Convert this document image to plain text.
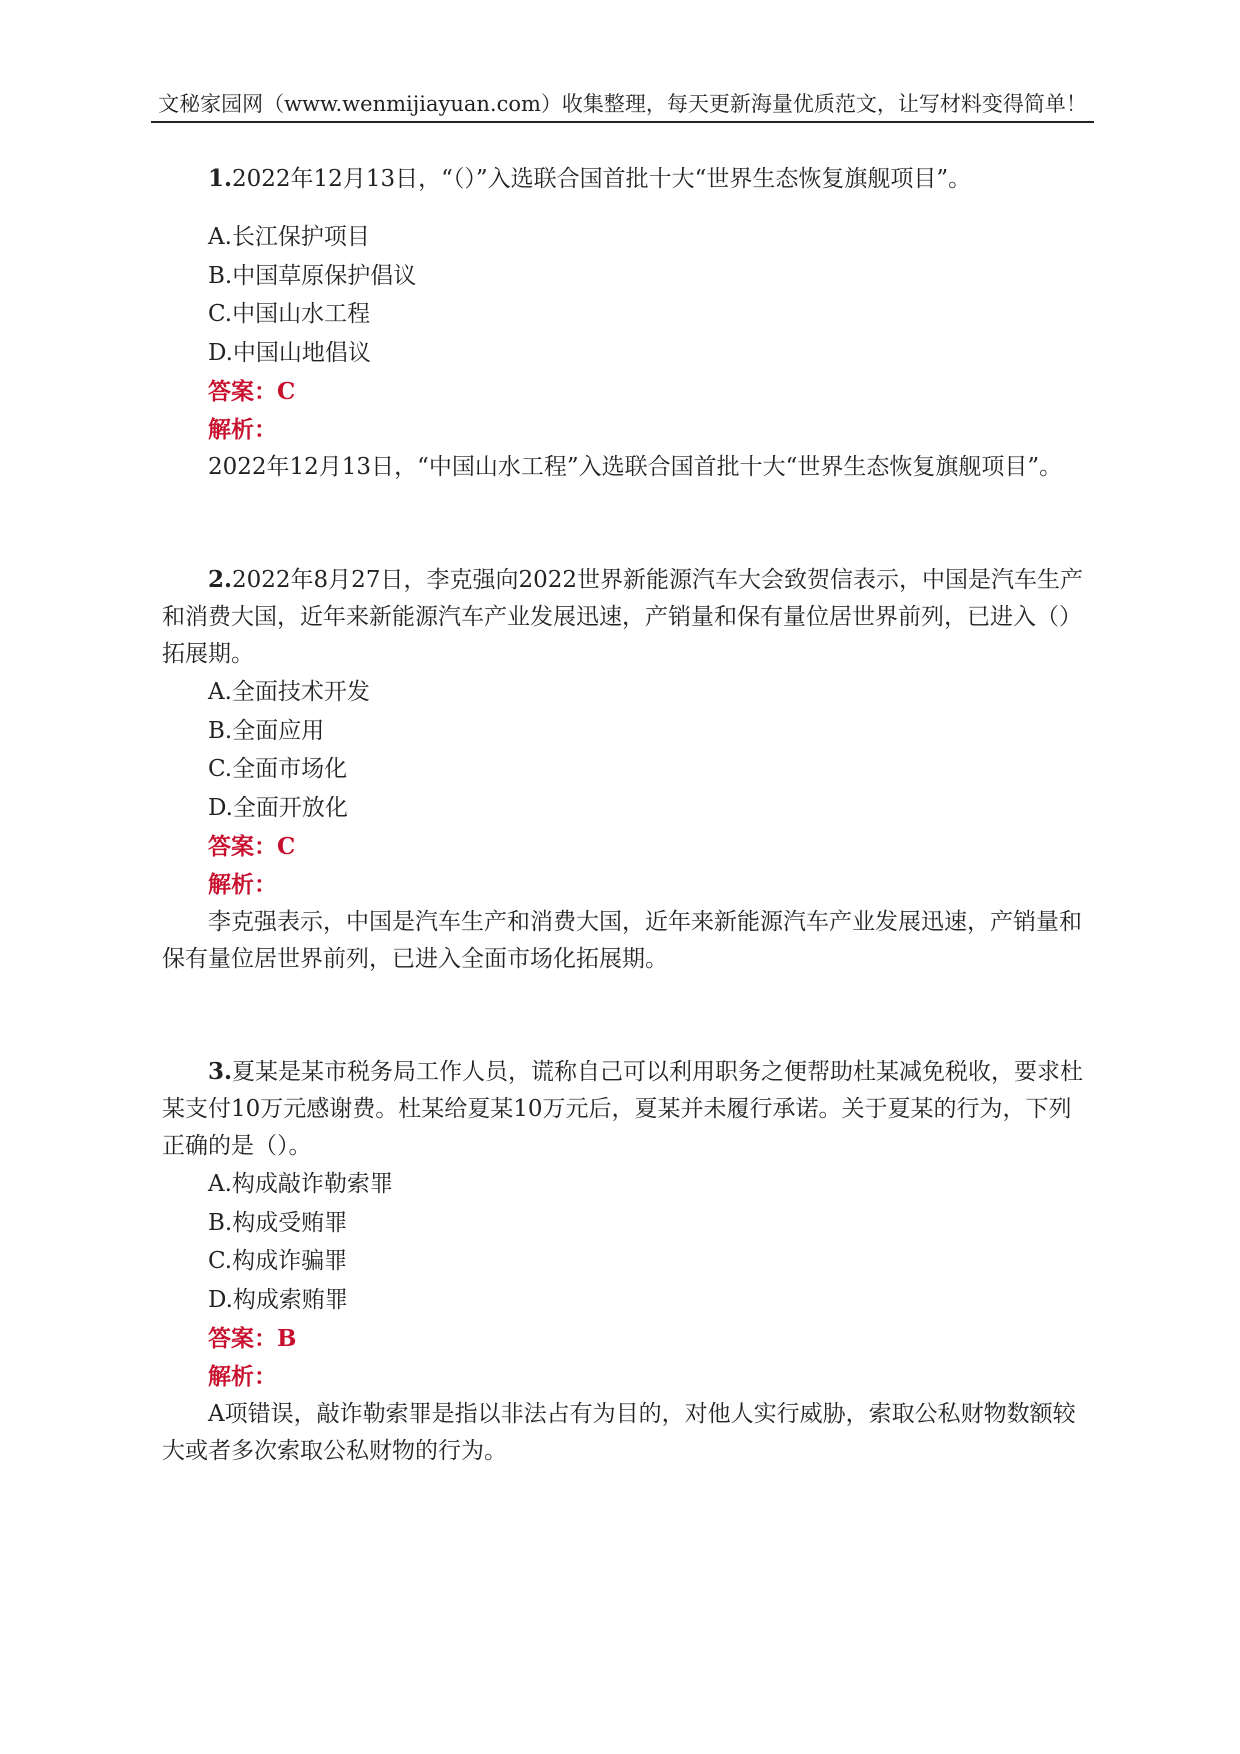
文秘家园网（www.wenmijiayuan.com）收集整理，每天更新海量优质范文，让写材料变得简单！

1.2022年12月13日，“（）”入选联合国首批十大“世界生态恢复旗舰项目”。

A.长江保护项目

B.中国草原保护倡议

C.中国山水工程

D.中国山地倡议

答案：C

解析：

2022年12月13日，“中国山水工程”入选联合国首批十大“世界生态恢复旗舰项目”。

2.2022年8月27日，李克强向2022世界新能源汽车大会致贺信表示，中国是汽车生产和消费大国，近年来新能源汽车产业发展迅速，产销量和保有量位居世界前列，已进入（）拓展期。

A.全面技术开发

B.全面应用

C.全面市场化

D.全面开放化

答案：C

解析：

李克强表示，中国是汽车生产和消费大国，近年来新能源汽车产业发展迅速，产销量和保有量位居世界前列，已进入全面市场化拓展期。

3.夏某是某市税务局工作人员，谎称自己可以利用职务之便帮助杜某减免税收，要求杜某支付10万元感谢费。杜某给夏某10万元后，夏某并未履行承诺。关于夏某的行为，下列正确的是（）。

A.构成敲诈勒索罪

B.构成受贿罪

C.构成诈骗罪

D.构成索贿罪

答案：B

解析：

A项错误，敲诈勒索罪是指以非法占有为目的，对他人实行威胁，索取公私财物数额较大或者多次索取公私财物的行为。
